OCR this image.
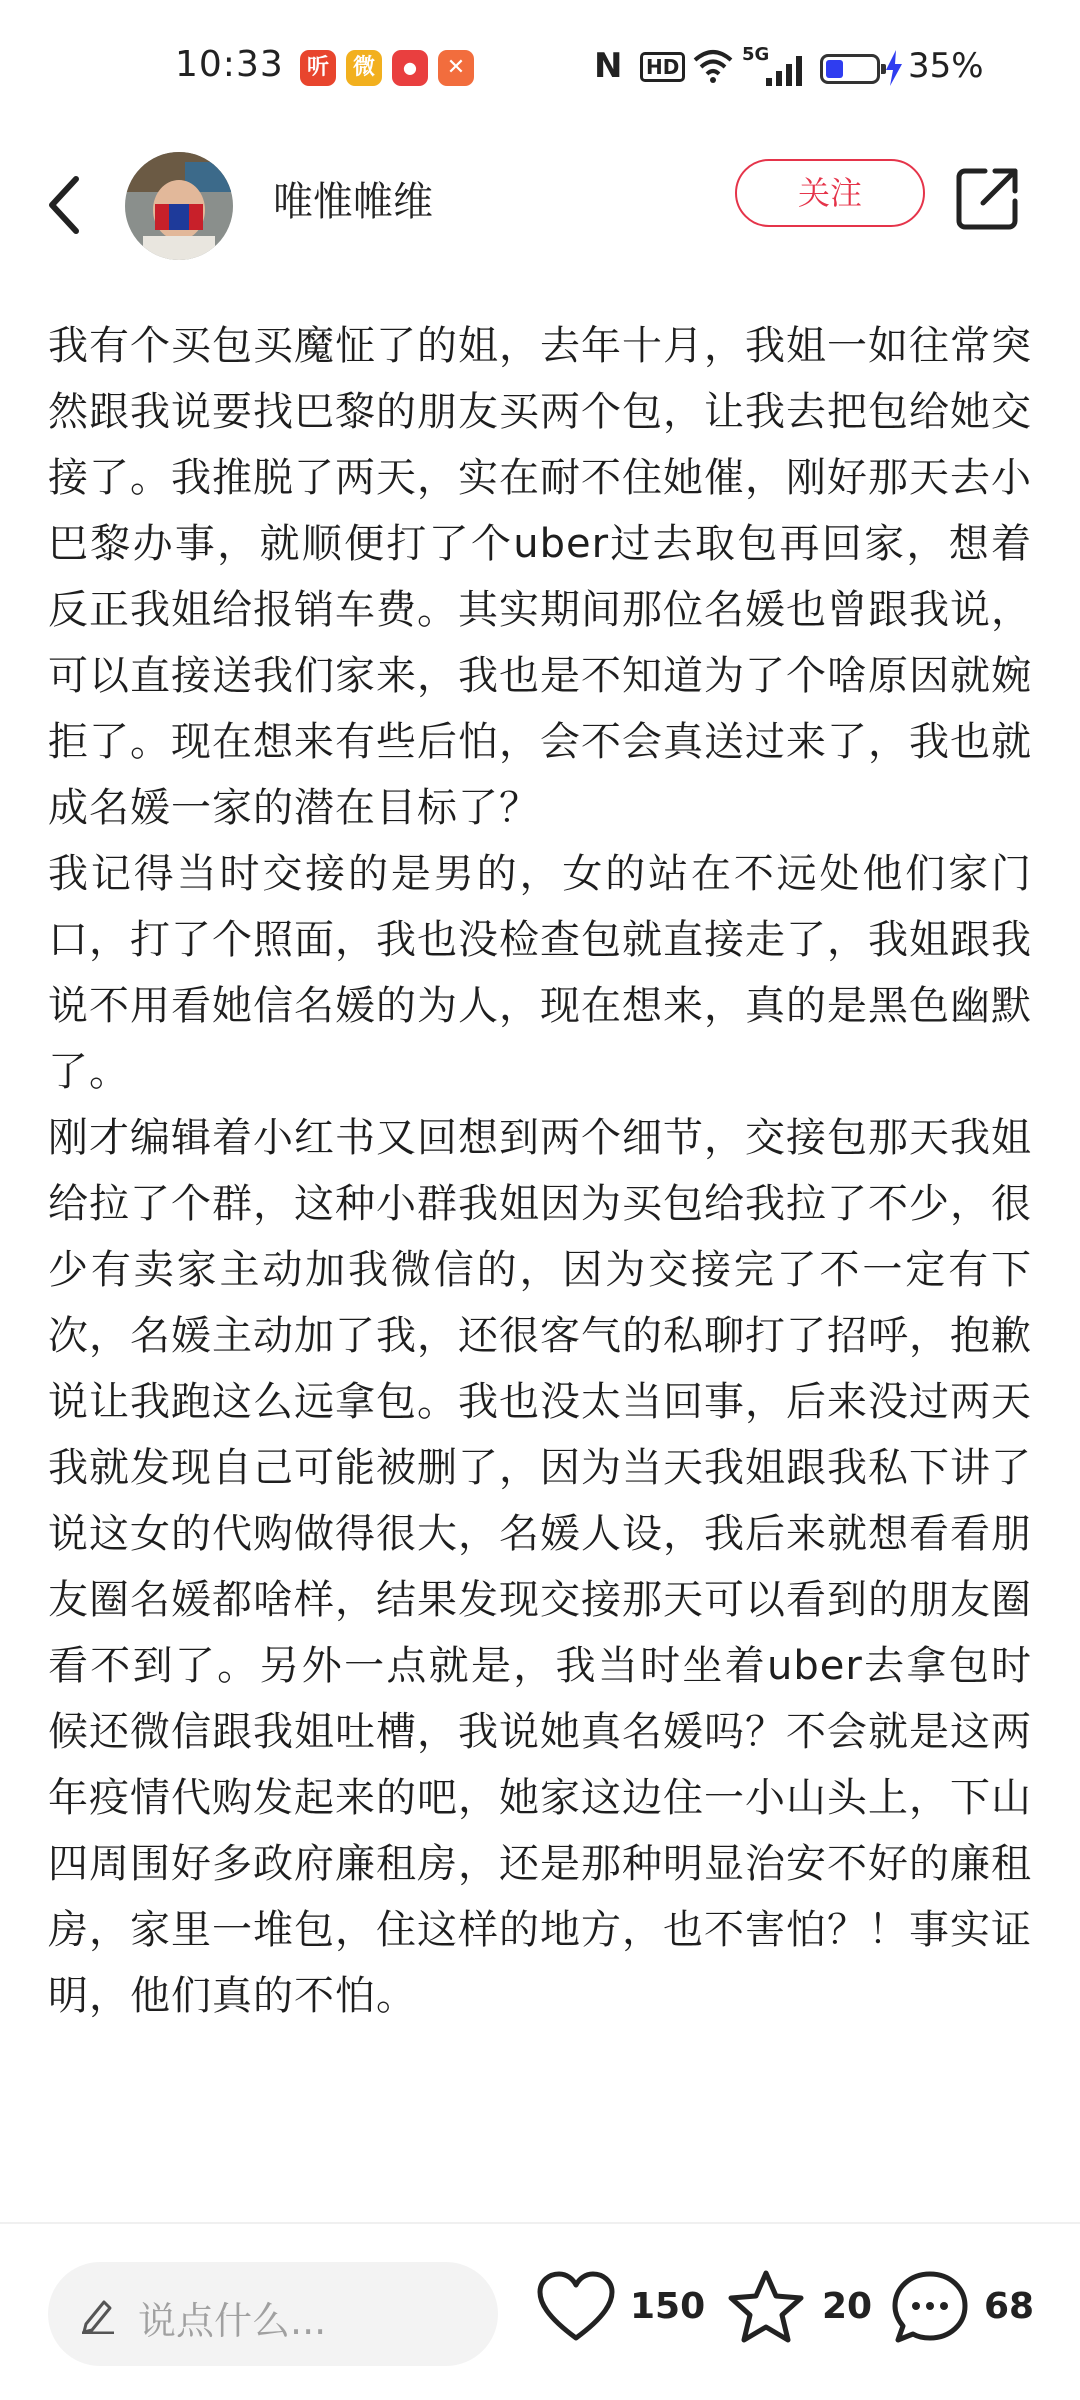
10:33	听	微	●	✕	N	HD
5G	35%
唯惟帷维	关注

我有个买包买魔怔了的姐，去年十月，我姐一如往常突然跟我说要找巴黎的朋友买两个包，让我去把包给她交接了。我推脱了两天，实在耐不住她催，刚好那天去小巴黎办事，就顺便打了个uber过去取包再回家，想着反正我姐给报销车费。其实期间那位名媛也曾跟我说，可以直接送我们家来，我也是不知道为了个啥原因就婉拒了。现在想来有些后怕，会不会真送过来了，我也就成名媛一家的潜在目标了？

我记得当时交接的是男的，女的站在不远处他们家门口，打了个照面，我也没检查包就直接走了，我姐跟我说不用看她信名媛的为人，现在想来，真的是黑色幽默了。

刚才编辑着小红书又回想到两个细节，交接包那天我姐给拉了个群，这种小群我姐因为买包给我拉了不少，很少有卖家主动加我微信的，因为交接完了不一定有下次，名媛主动加了我，还很客气的私聊打了招呼，抱歉说让我跑这么远拿包。我也没太当回事，后来没过两天我就发现自己可能被删了，因为当天我姐跟我私下讲了说这女的代购做得很大，名媛人设，我后来就想看看朋友圈名媛都啥样，结果发现交接那天可以看到的朋友圈看不到了。另外一点就是，我当时坐着uber去拿包时候还微信跟我姐吐槽，我说她真名媛吗？不会就是这两年疫情代购发起来的吧，她家这边住一小山头上，下山四周围好多政府廉租房，还是那种明显治安不好的廉租房，家里一堆包，住这样的地方，也不害怕？！事实证明，他们真的不怕。

说点什么...	150	20	68
